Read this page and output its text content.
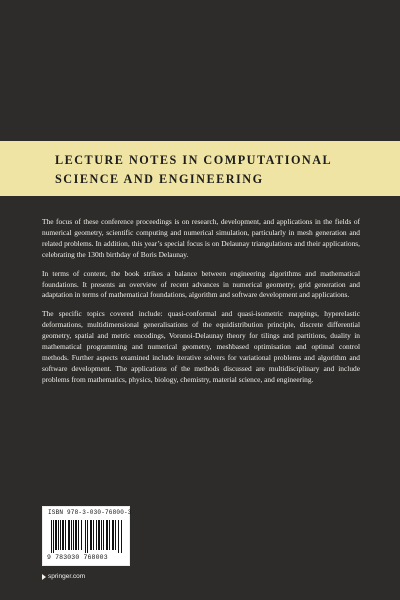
LECTURE NOTES IN COMPUTATIONAL SCIENCE AND ENGINEERING

The focus of these conference proceedings is on research, development, and applications in the fields of numerical geometry, scientific computing and numerical simulation, particularly in mesh generation and related problems. In addition, this year’s special focus is on Delaunay triangulations and their applications, celebrating the 130th birthday of Boris Delaunay.

In terms of content, the book strikes a balance between engineering algorithms and mathematical foundations. It presents an overview of recent advances in numerical geometry, grid generation and adaptation in terms of mathematical foundations, algorithm and software development and applications.

The specific topics covered include: quasi-conformal and quasi-isometric mappings, hyperelastic deformations, multidimensional generalisations of the equidistribution principle, discrete differential geometry, spatial and metric encodings, Voronoi-Delaunay theory for tilings and partitions, duality in mathematical programming and numerical geometry, meshbased optimisation and optimal control methods. Further aspects examined include iterative solvers for variational problems and algorithm and software development. The applications of the methods discussed are multidisciplinary and include problems from mathematics, physics, biology, chemistry, material science, and engineering.

ISBN 978-3-030-76800-3
9 783030 768003
springer.com
